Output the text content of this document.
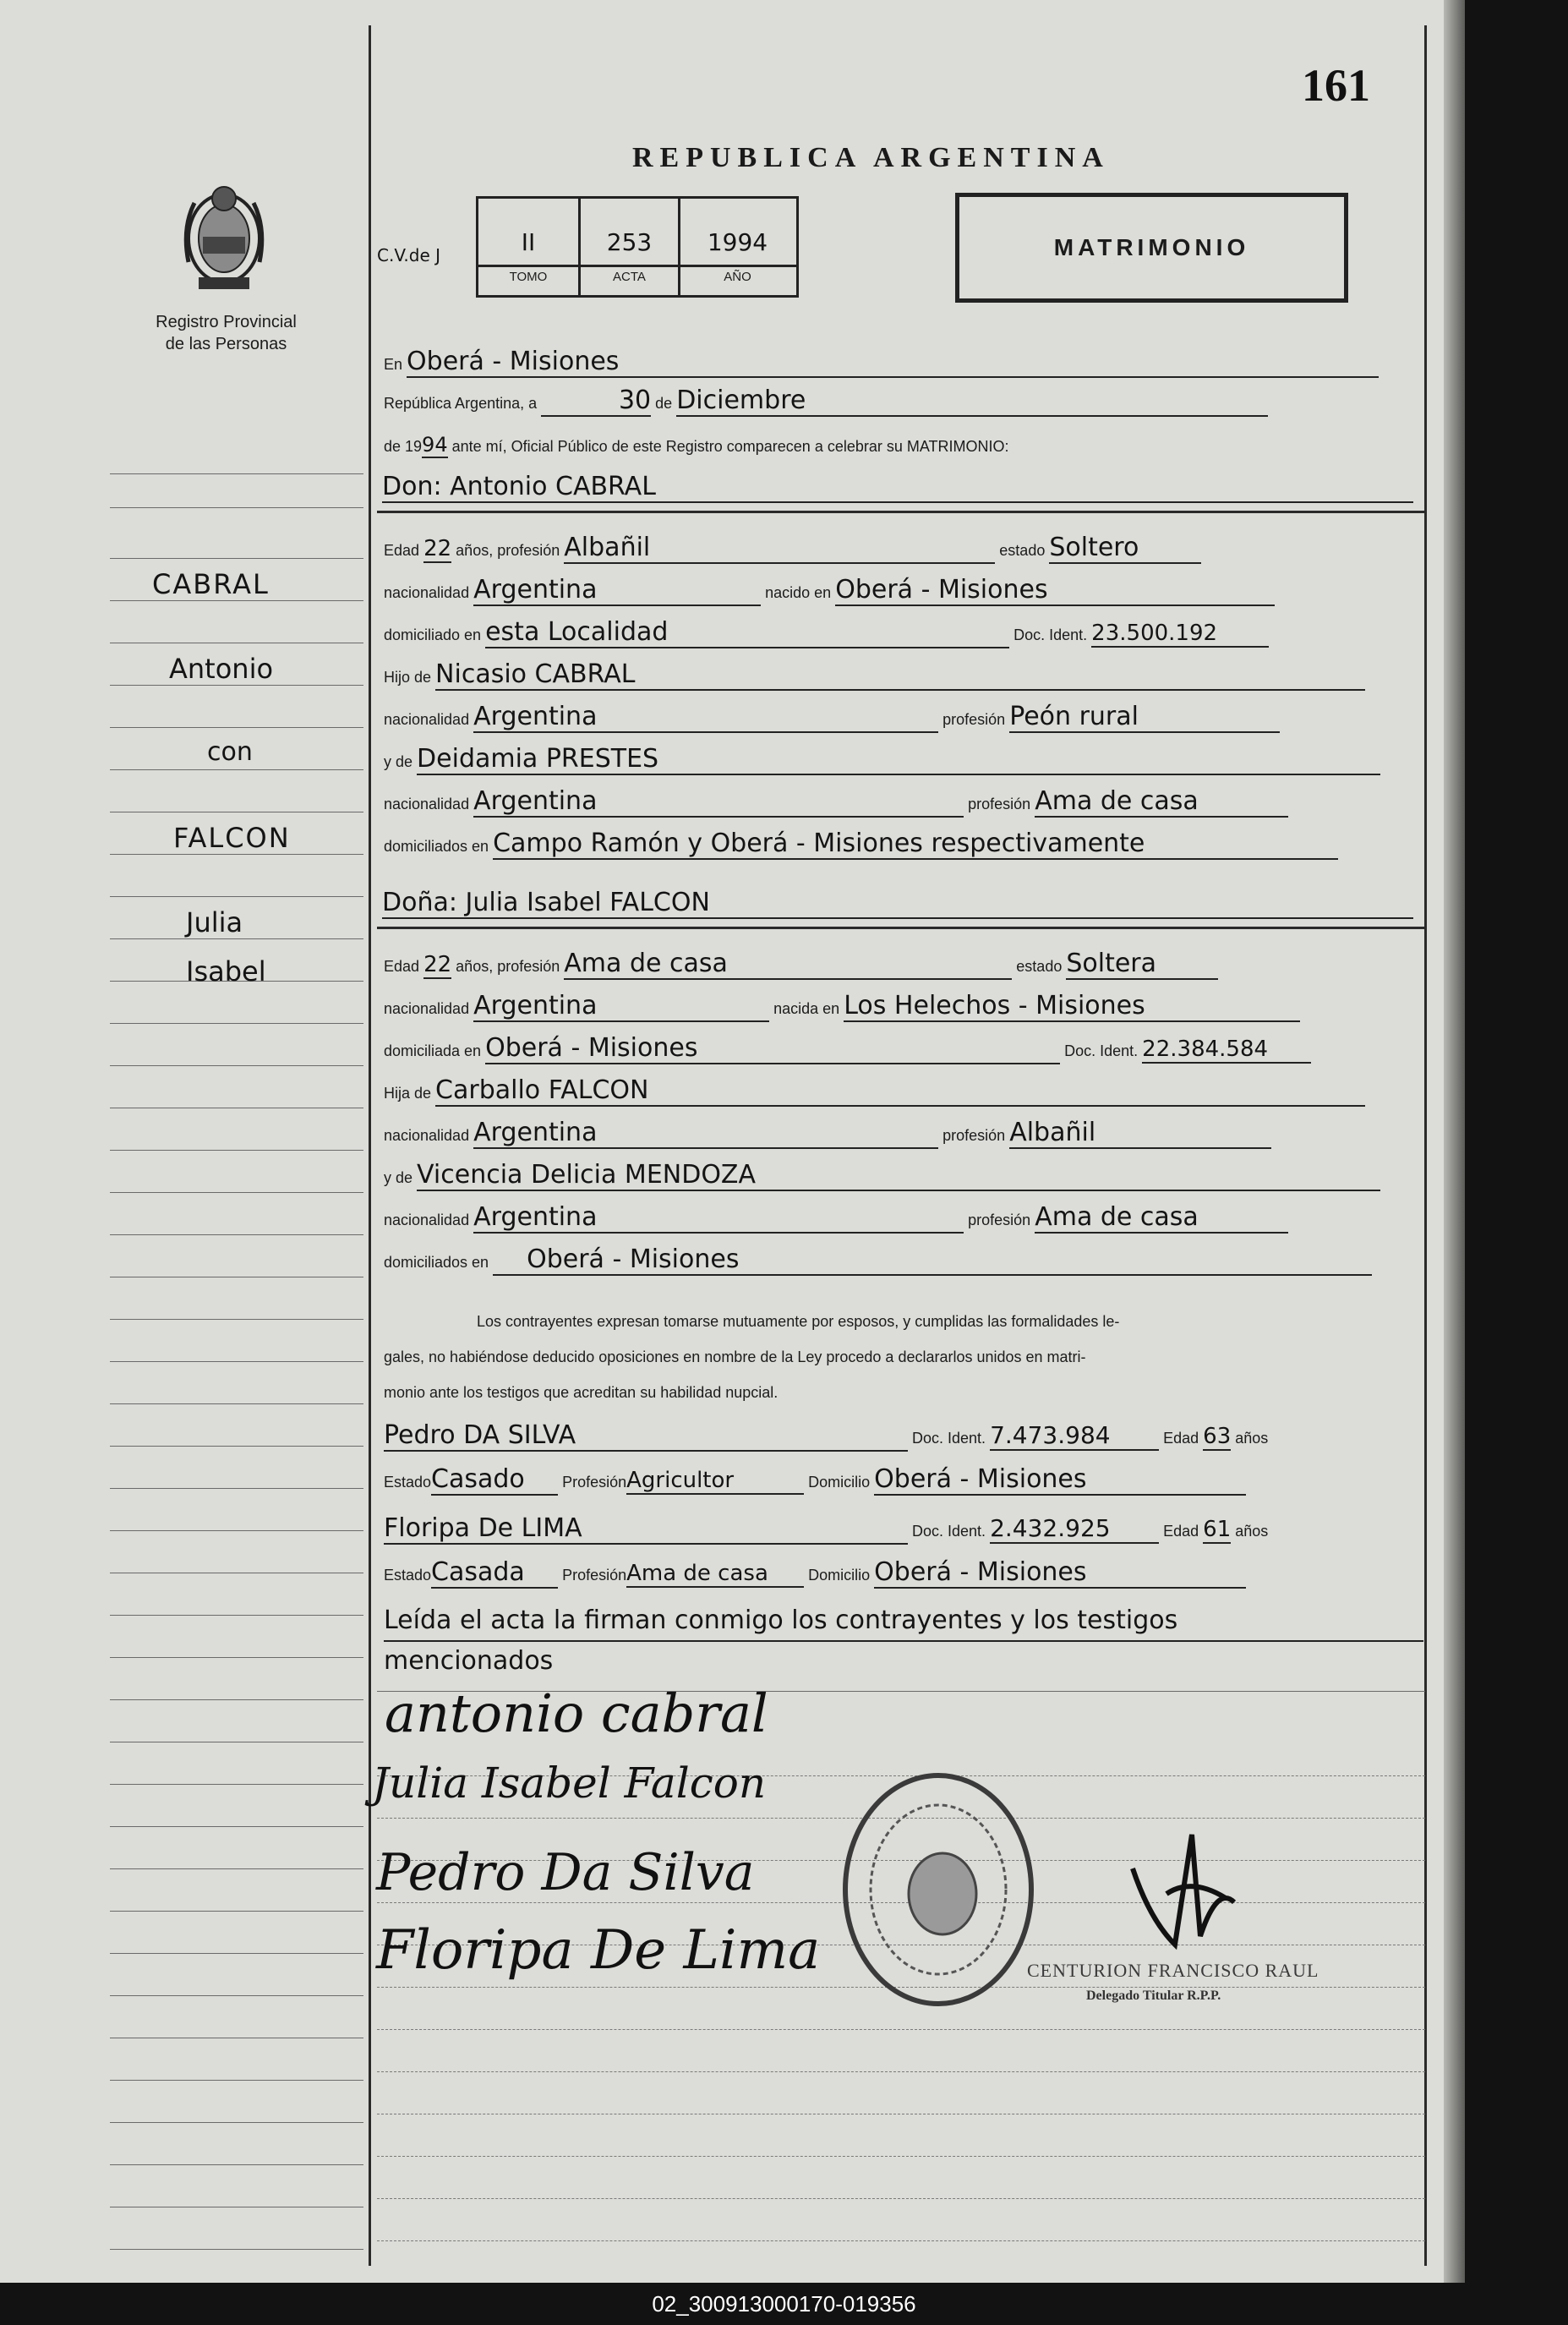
161
REPUBLICA ARGENTINA
Registro Provincial
de las Personas
C.V.de J	II	253	1994
TOMO	ACTA	AÑO
MATRIMONIO
CABRAL
Antonio
con
FALCON
Julia
Isabel
En Oberá - Misiones
República Argentina, a	30 de Diciembre
de 1994 ante mí, Oficial Público de este Registro comparecen a celebrar su MATRIMONIO:
Don: Antonio CABRAL
Edad 22 años, profesión Albañil	estado Soltero
nacionalidad Argentina	nacido en Oberá - Misiones
domiciliado en esta Localidad	Doc. Ident. 23.500.192
Hijo de Nicasio CABRAL
nacionalidad Argentina	profesión Peón rural
y de Deidamia PRESTES
nacionalidad Argentina	profesión Ama de casa
domiciliados en Campo Ramón y Oberá - Misiones respectivamente
Doña: Julia Isabel FALCON
Edad 22 años, profesión Ama de casa	estado Soltera
nacionalidad Argentina	nacida en Los Helechos - Misiones
domiciliada en Oberá - Misiones	Doc. Ident. 22.384.584
Hija de Carballo FALCON
nacionalidad Argentina	profesión Albañil
y de Vicencia Delicia MENDOZA
nacionalidad Argentina	profesión Ama de casa
domiciliados en Oberá - Misiones
Los contrayentes expresan tomarse mutuamente por esposos, y cumplidas las formalidades le-
gales, no habiéndose deducido oposiciones en nombre de la Ley procedo a declararlos unidos en matri-
monio ante los testigos que acreditan su habilidad nupcial.
Pedro DA SILVA	Doc. Ident. 7.473.984	Edad 63 años
EstadoCasado ProfesiónAgricultor	Domicilio Oberá - Misiones
Floripa De LIMA	Doc. Ident. 2.432.925	Edad 61 años
EstadoCasada ProfesiónAma de casa	Domicilio Oberá - Misiones
Leída el acta la firman conmigo los contrayentes y los testigos
mencionados
antonio cabral
Julia Isabel Falcon
Pedro Da Silva
Floripa De Lima	CENTURION FRANCISCO RAUL
Delegado Titular R.P.P.
02_300913000170-019356
